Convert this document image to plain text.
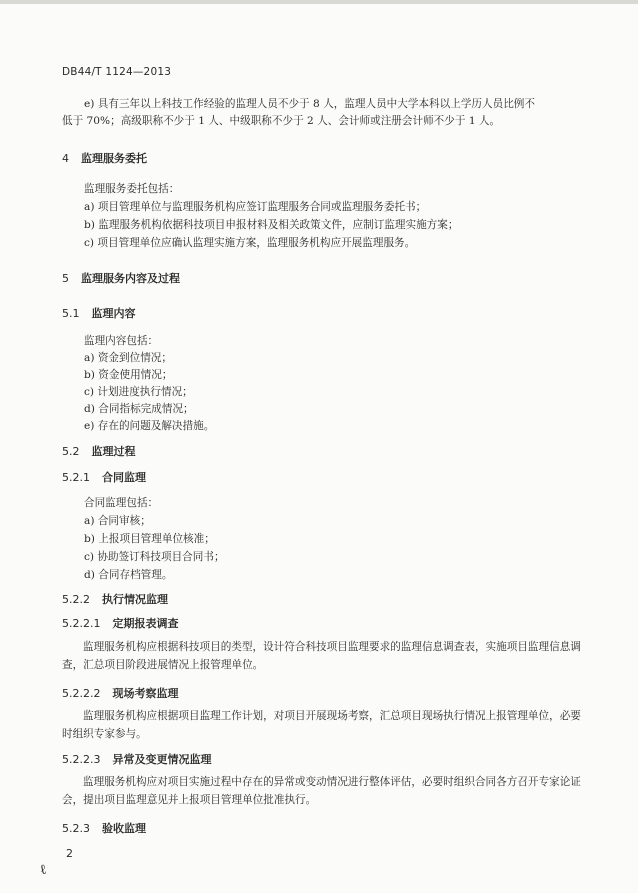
DB44/T 1124—2013
e) 具有三年以上科技工作经验的监理人员不少于 8 人，监理人员中大学本科以上学历人员比例不
低于 70%；高级职称不少于 1 人、中级职称不少于 2 人、会计师或注册会计师不少于 1 人。
4 监理服务委托
监理服务委托包括：
a) 项目管理单位与监理服务机构应签订监理服务合同或监理服务委托书；
b) 监理服务机构依据科技项目申报材料及相关政策文件，应制订监理实施方案；
c) 项目管理单位应确认监理实施方案，监理服务机构应开展监理服务。
5 监理服务内容及过程
5.1 监理内容
监理内容包括：
a) 资金到位情况；
b) 资金使用情况；
c) 计划进度执行情况；
d) 合同指标完成情况；
e) 存在的问题及解决措施。
5.2 监理过程
5.2.1 合同监理
合同监理包括：
a) 合同审核；
b) 上报项目管理单位核准；
c) 协助签订科技项目合同书；
d) 合同存档管理。
5.2.2 执行情况监理
5.2.2.1 定期报表调查
监理服务机构应根据科技项目的类型，设计符合科技项目监理要求的监理信息调查表，实施项目监理信息调查，汇总项目阶段进展情况上报管理单位。
5.2.2.2 现场考察监理
监理服务机构应根据项目监理工作计划，对项目开展现场考察，汇总项目现场执行情况上报管理单位，必要时组织专家参与。
5.2.2.3 异常及变更情况监理
监理服务机构应对项目实施过程中存在的异常或变动情况进行整体评估，必要时组织合同各方召开专家论证会，提出项目监理意见并上报项目管理单位批准执行。
5.2.3 验收监理
2
ℓ
